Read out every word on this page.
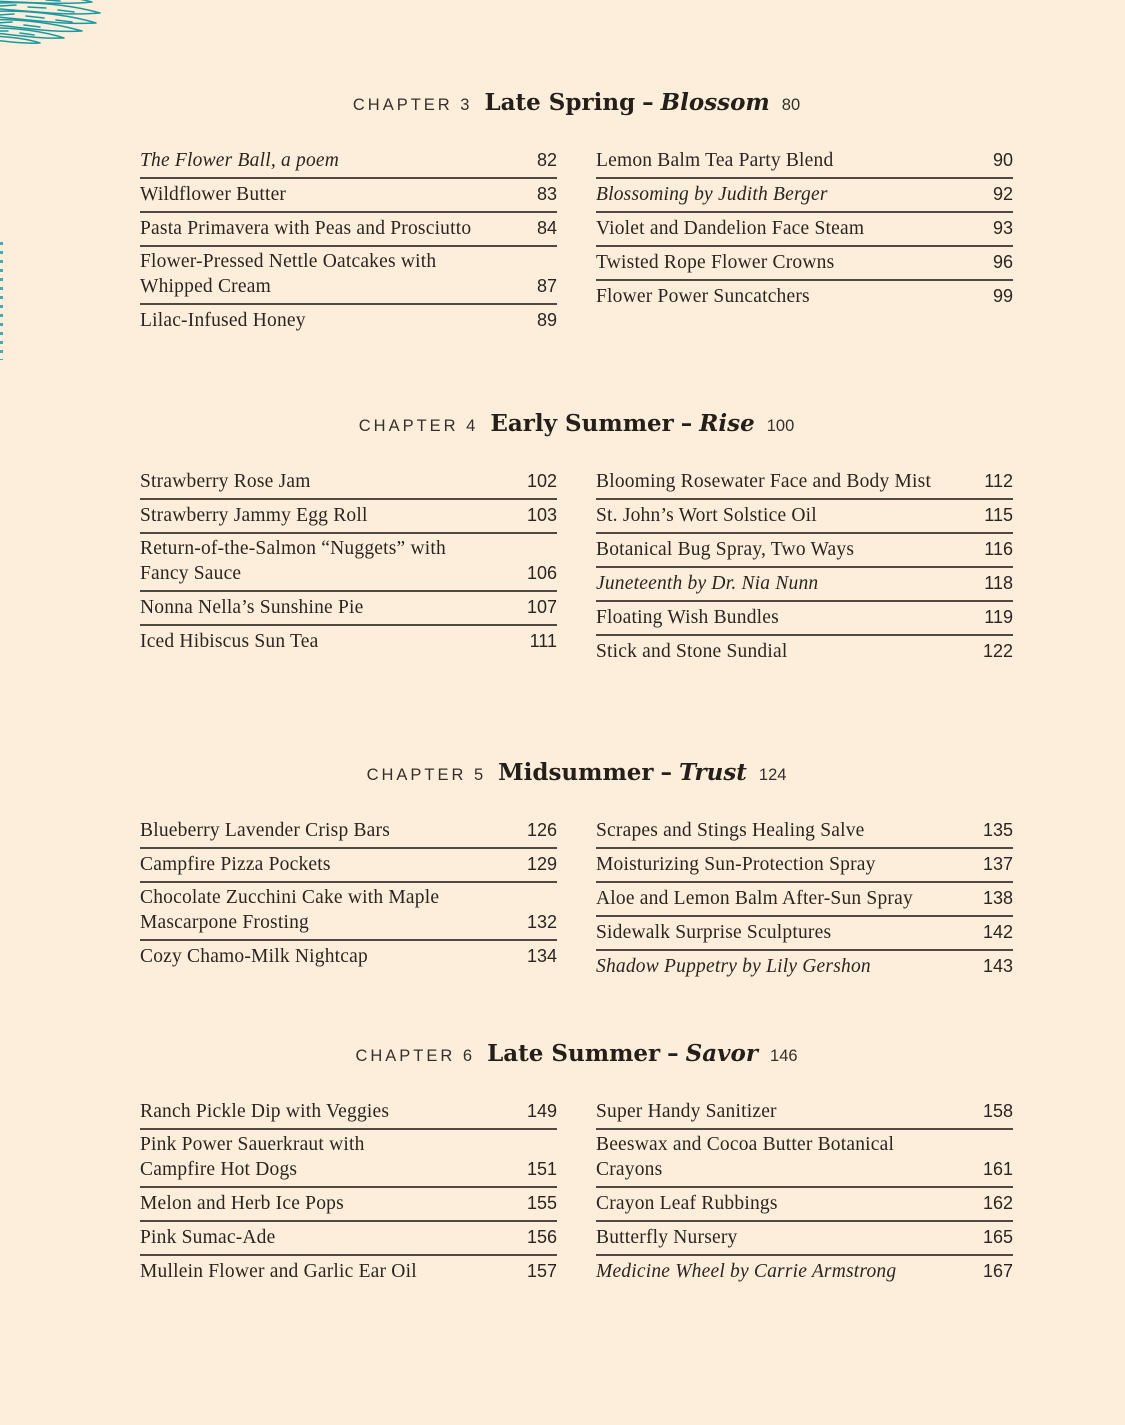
CHAPTER 3 Late Spring – Blossom 80
The Flower Ball, a poem	82
Wildflower Butter	83
Pasta Primavera with Peas and Prosciutto	84
Flower-Pressed Nettle Oatcakes with
Whipped Cream	87
Lilac-Infused Honey	89
Lemon Balm Tea Party Blend	90
Blossoming by Judith Berger	92
Violet and Dandelion Face Steam	93
Twisted Rope Flower Crowns	96
Flower Power Suncatchers	99
CHAPTER 4 Early Summer – Rise 100
Strawberry Rose Jam	102
Strawberry Jammy Egg Roll	103
Return-of-the-Salmon “Nuggets” with
Fancy Sauce	106
Nonna Nella’s Sunshine Pie	107
Iced Hibiscus Sun Tea	111
Blooming Rosewater Face and Body Mist	112
St. John’s Wort Solstice Oil	115
Botanical Bug Spray, Two Ways	116
Juneteenth by Dr. Nia Nunn	118
Floating Wish Bundles	119
Stick and Stone Sundial	122
CHAPTER 5 Midsummer – Trust 124
Blueberry Lavender Crisp Bars	126
Campfire Pizza Pockets	129
Chocolate Zucchini Cake with Maple
Mascarpone Frosting	132
Cozy Chamo-Milk Nightcap	134
Scrapes and Stings Healing Salve	135
Moisturizing Sun-Protection Spray	137
Aloe and Lemon Balm After-Sun Spray	138
Sidewalk Surprise Sculptures	142
Shadow Puppetry by Lily Gershon	143
CHAPTER 6 Late Summer – Savor 146
Ranch Pickle Dip with Veggies	149
Pink Power Sauerkraut with
Campfire Hot Dogs	151
Melon and Herb Ice Pops	155
Pink Sumac-Ade	156
Mullein Flower and Garlic Ear Oil	157
Super Handy Sanitizer	158
Beeswax and Cocoa Butter Botanical
Crayons	161
Crayon Leaf Rubbings	162
Butterfly Nursery	165
Medicine Wheel by Carrie Armstrong	167
